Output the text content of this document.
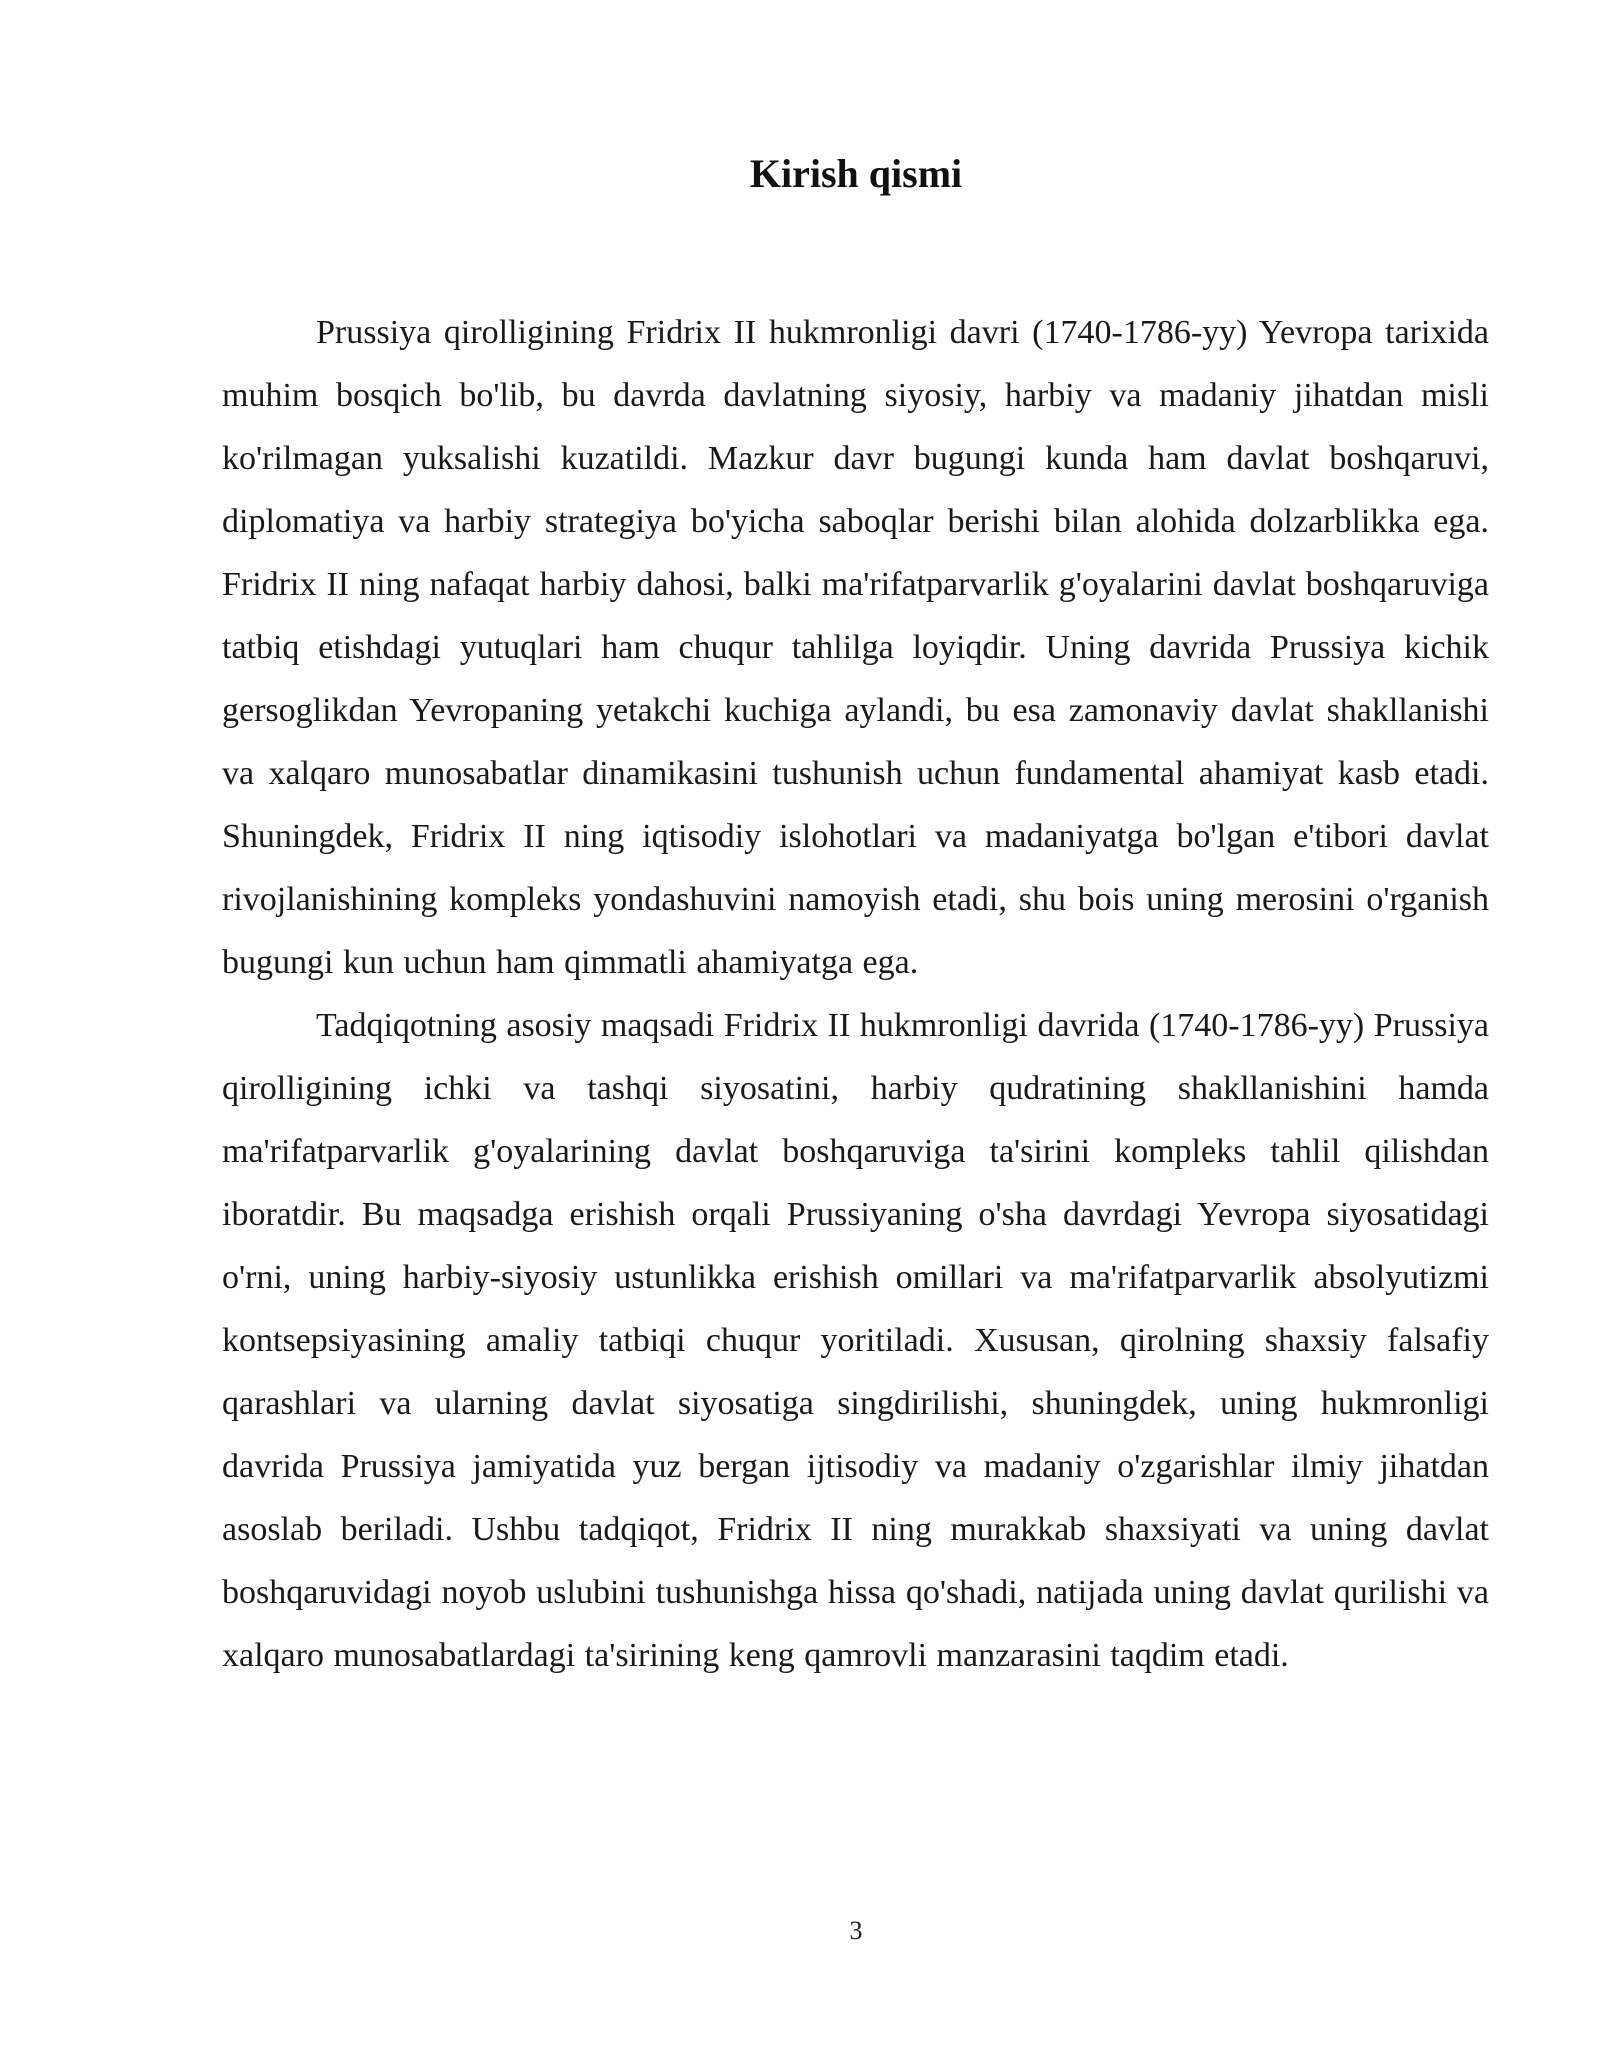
Kirish qismi

Prussiya qirolligining Fridrix II hukmronligi davri (1740-1786-yy) Yevropa tarixida muhim bosqich bo'lib, bu davrda davlatning siyosiy, harbiy va madaniy jihatdan misli ko'rilmagan yuksalishi kuzatildi. Mazkur davr bugungi kunda ham davlat boshqaruvi, diplomatiya va harbiy strategiya bo'yicha saboqlar berishi bilan alohida dolzarblikka ega. Fridrix II ning nafaqat harbiy dahosi, balki ma'rifatparvarlik g'oyalarini davlat boshqaruviga tatbiq etishdagi yutuqlari ham chuqur tahlilga loyiqdir. Uning davrida Prussiya kichik gersoglikdan Yevropaning yetakchi kuchiga aylandi, bu esa zamonaviy davlat shakllanishi va xalqaro munosabatlar dinamikasini tushunish uchun fundamental ahamiyat kasb etadi. Shuningdek, Fridrix II ning iqtisodiy islohotlari va madaniyatga bo'lgan e'tibori davlat rivojlanishining kompleks yondashuvini namoyish etadi, shu bois uning merosini o'rganish bugungi kun uchun ham qimmatli ahamiyatga ega.

Tadqiqotning asosiy maqsadi Fridrix II hukmronligi davrida (1740-1786-yy) Prussiya qirolligining ichki va tashqi siyosatini, harbiy qudratining shakllanishini hamda ma'rifatparvarlik g'oyalarining davlat boshqaruviga ta'sirini kompleks tahlil qilishdan iboratdir. Bu maqsadga erishish orqali Prussiyaning o'sha davrdagi Yevropa siyosatidagi o'rni, uning harbiy-siyosiy ustunlikka erishish omillari va ma'rifatparvarlik absolyutizmi kontsepsiyasining amaliy tatbiqi chuqur yoritiladi. Xususan, qirolning shaxsiy falsafiy qarashlari va ularning davlat siyosatiga singdirilishi, shuningdek, uning hukmronligi davrida Prussiya jamiyatida yuz bergan ijtisodiy va madaniy o'zgarishlar ilmiy jihatdan asoslab beriladi. Ushbu tadqiqot, Fridrix II ning murakkab shaxsiyati va uning davlat boshqaruvidagi noyob uslubini tushunishga hissa qo'shadi, natijada uning davlat qurilishi va xalqaro munosabatlardagi ta'sirining keng qamrovli manzarasini taqdim etadi.

3
